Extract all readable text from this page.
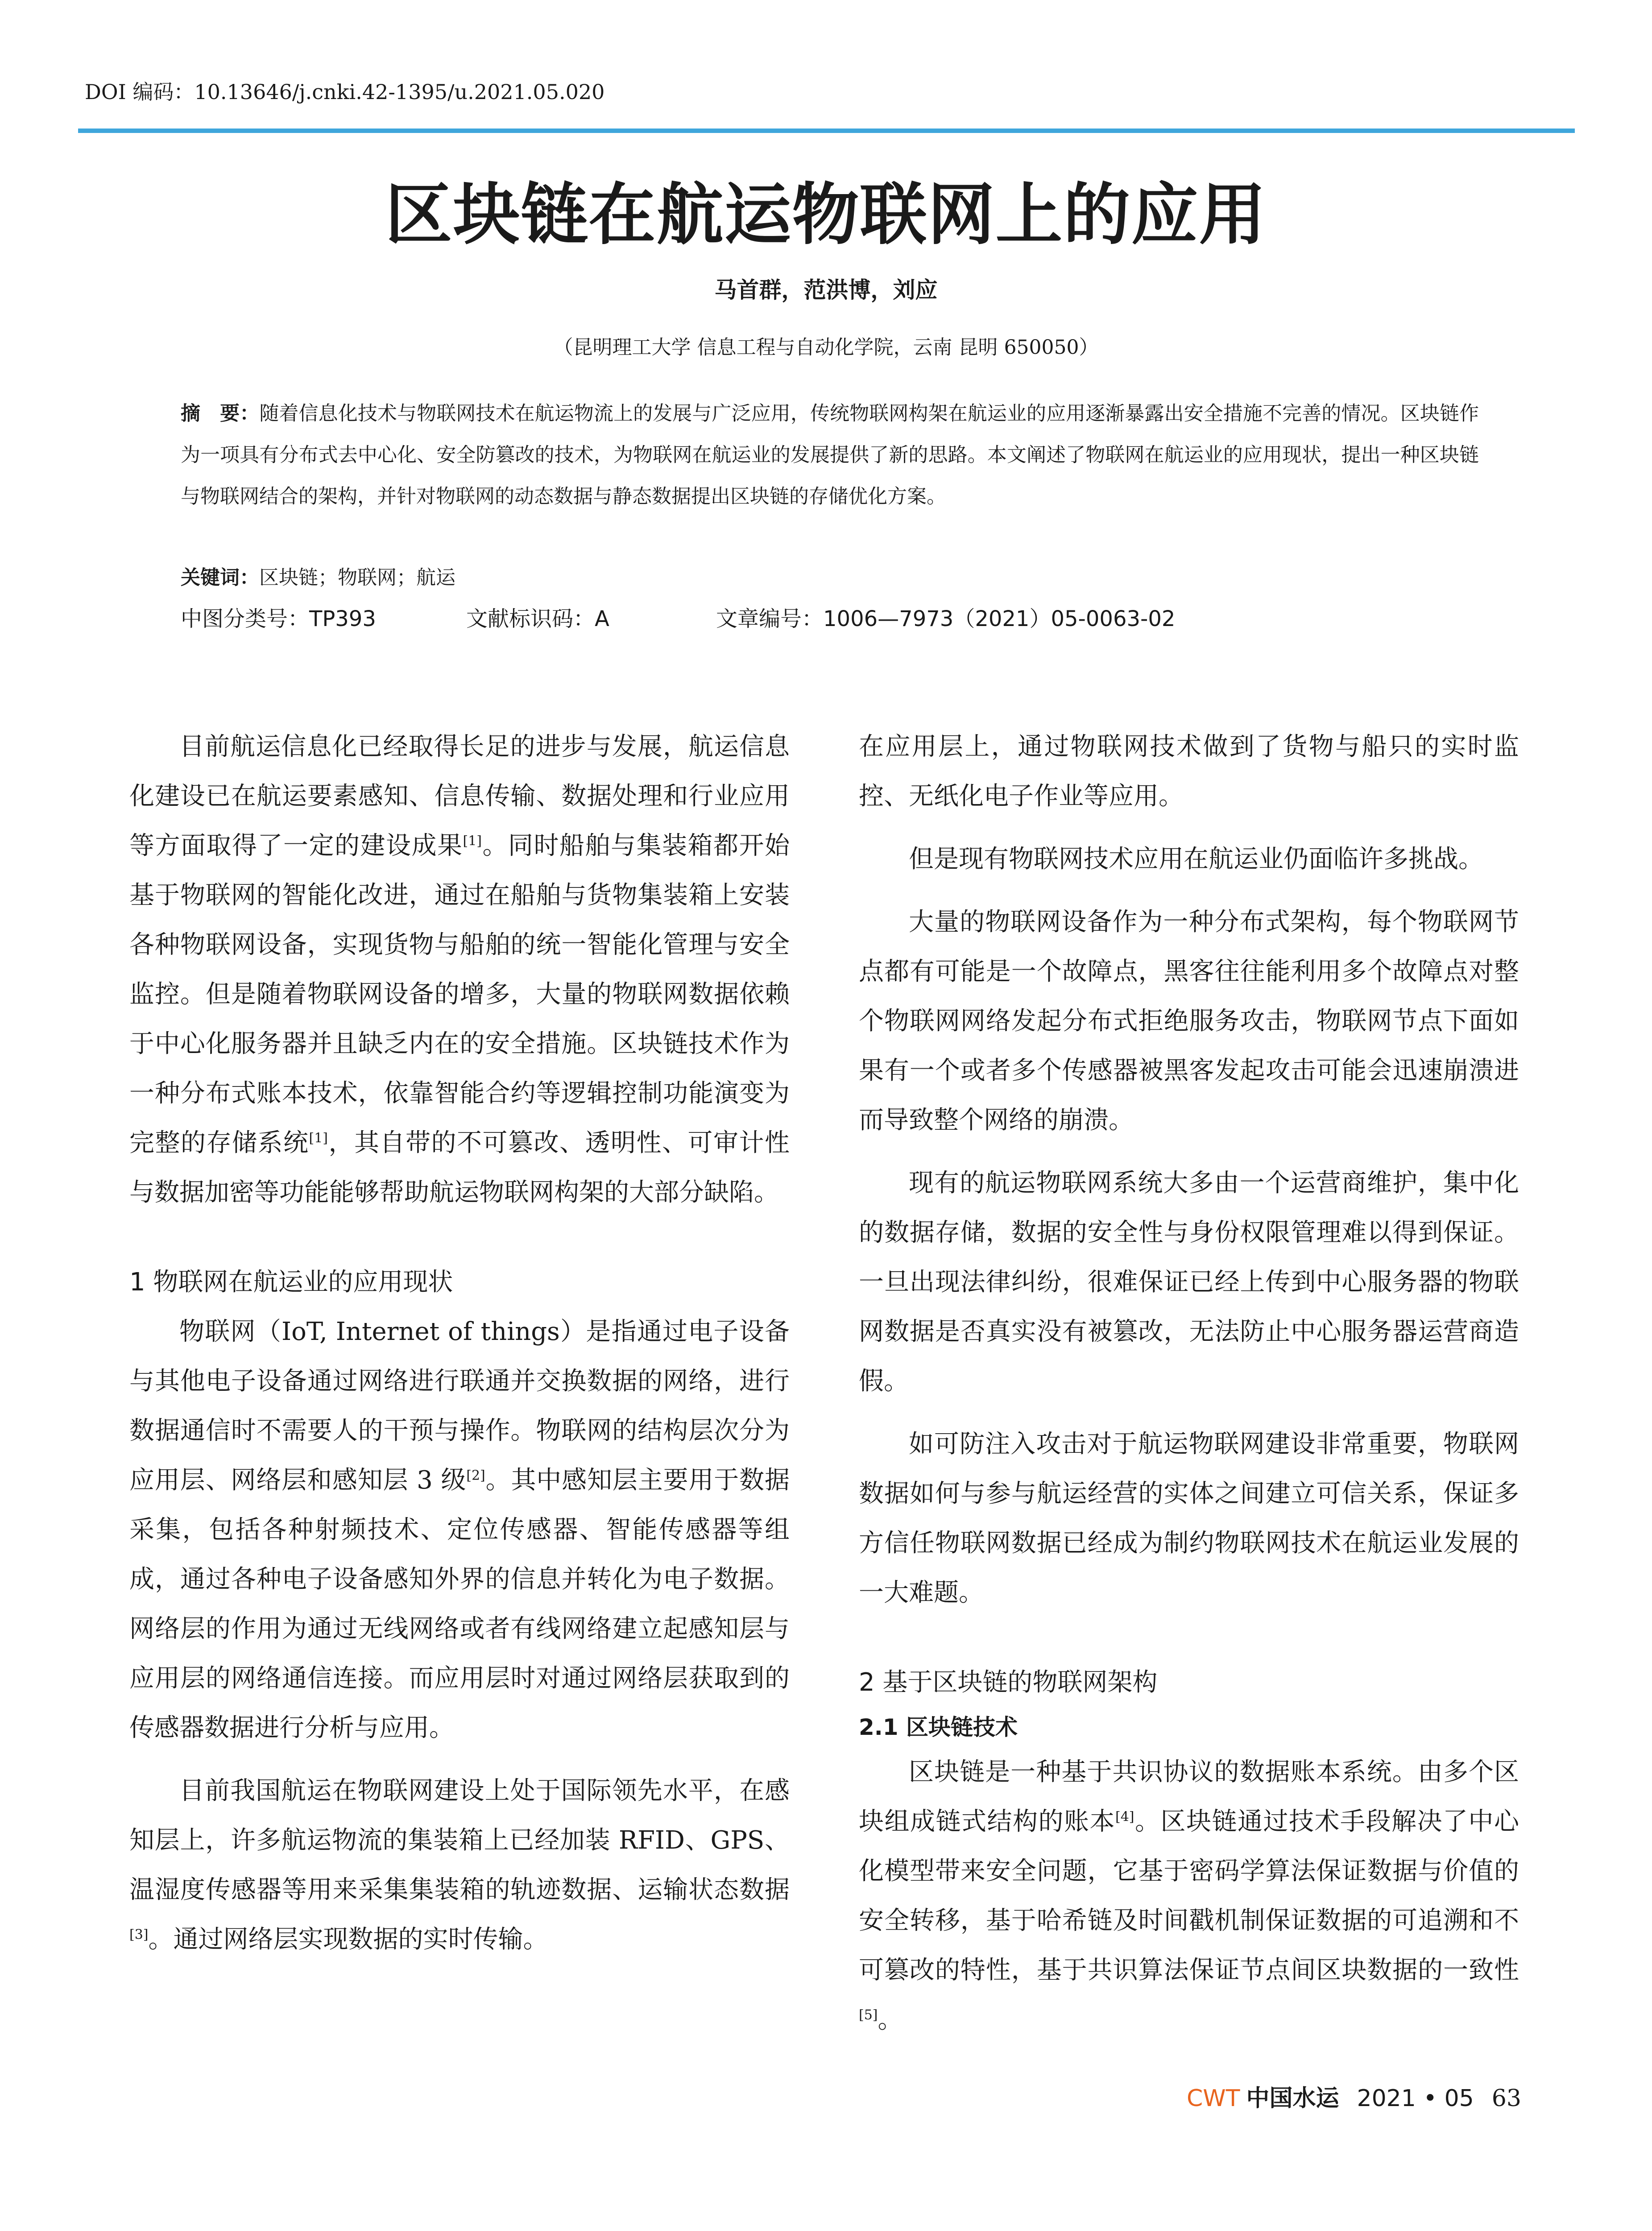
DOI 编码：10.13646/j.cnki.42-1395/u.2021.05.020
区块链在航运物联网上的应用
马首群，范洪博，刘应
（昆明理工大学 信息工程与自动化学院，云南 昆明 650050）
摘　要：随着信息化技术与物联网技术在航运物流上的发展与广泛应用，传统物联网构架在航运业的应用逐渐暴露出安全措施不完善的情况。区块链作为一项具有分布式去中心化、安全防篡改的技术，为物联网在航运业的发展提供了新的思路。本文阐述了物联网在航运业的应用现状，提出一种区块链与物联网结合的架构，并针对物联网的动态数据与静态数据提出区块链的存储优化方案。
关键词：区块链；物联网；航运
中图分类号：TP393	文献标识码：A	文章编号：1006—7973（2021）05-0063-02

目前航运信息化已经取得长足的进步与发展，航运信息化建设已在航运要素感知、信息传输、数据处理和行业应用等方面取得了一定的建设成果[1]。同时船舶与集装箱都开始基于物联网的智能化改进，通过在船舶与货物集装箱上安装各种物联网设备，实现货物与船舶的统一智能化管理与安全监控。但是随着物联网设备的增多，大量的物联网数据依赖于中心化服务器并且缺乏内在的安全措施。区块链技术作为一种分布式账本技术，依靠智能合约等逻辑控制功能演变为完整的存储系统[1]，其自带的不可篡改、透明性、可审计性与数据加密等功能能够帮助航运物联网构架的大部分缺陷。

1 物联网在航运业的应用现状

物联网（IoT, Internet of things）是指通过电子设备与其他电子设备通过网络进行联通并交换数据的网络，进行数据通信时不需要人的干预与操作。物联网的结构层次分为应用层、网络层和感知层 3 级[2]。其中感知层主要用于数据采集，包括各种射频技术、定位传感器、智能传感器等组成，通过各种电子设备感知外界的信息并转化为电子数据。网络层的作用为通过无线网络或者有线网络建立起感知层与应用层的网络通信连接。而应用层时对通过网络层获取到的传感器数据进行分析与应用。

目前我国航运在物联网建设上处于国际领先水平，在感知层上，许多航运物流的集装箱上已经加装 RFID、GPS、温湿度传感器等用来采集集装箱的轨迹数据、运输状态数据[3]。通过网络层实现数据的实时传输。

在应用层上，通过物联网技术做到了货物与船只的实时监控、无纸化电子作业等应用。

但是现有物联网技术应用在航运业仍面临许多挑战。

大量的物联网设备作为一种分布式架构，每个物联网节点都有可能是一个故障点，黑客往往能利用多个故障点对整个物联网网络发起分布式拒绝服务攻击，物联网节点下面如果有一个或者多个传感器被黑客发起攻击可能会迅速崩溃进而导致整个网络的崩溃。

现有的航运物联网系统大多由一个运营商维护，集中化的数据存储，数据的安全性与身份权限管理难以得到保证。一旦出现法律纠纷，很难保证已经上传到中心服务器的物联网数据是否真实没有被篡改，无法防止中心服务器运营商造假。

如可防注入攻击对于航运物联网建设非常重要，物联网数据如何与参与航运经营的实体之间建立可信关系，保证多方信任物联网数据已经成为制约物联网技术在航运业发展的一大难题。

2 基于区块链的物联网架构
2.1 区块链技术

区块链是一种基于共识协议的数据账本系统。由多个区块组成链式结构的账本[4]。区块链通过技术手段解决了中心化模型带来安全问题，它基于密码学算法保证数据与价值的安全转移，基于哈希链及时间戳机制保证数据的可追溯和不可篡改的特性，基于共识算法保证节点间区块数据的一致性[5]。

CWT 中国水运 2021 • 05 63
